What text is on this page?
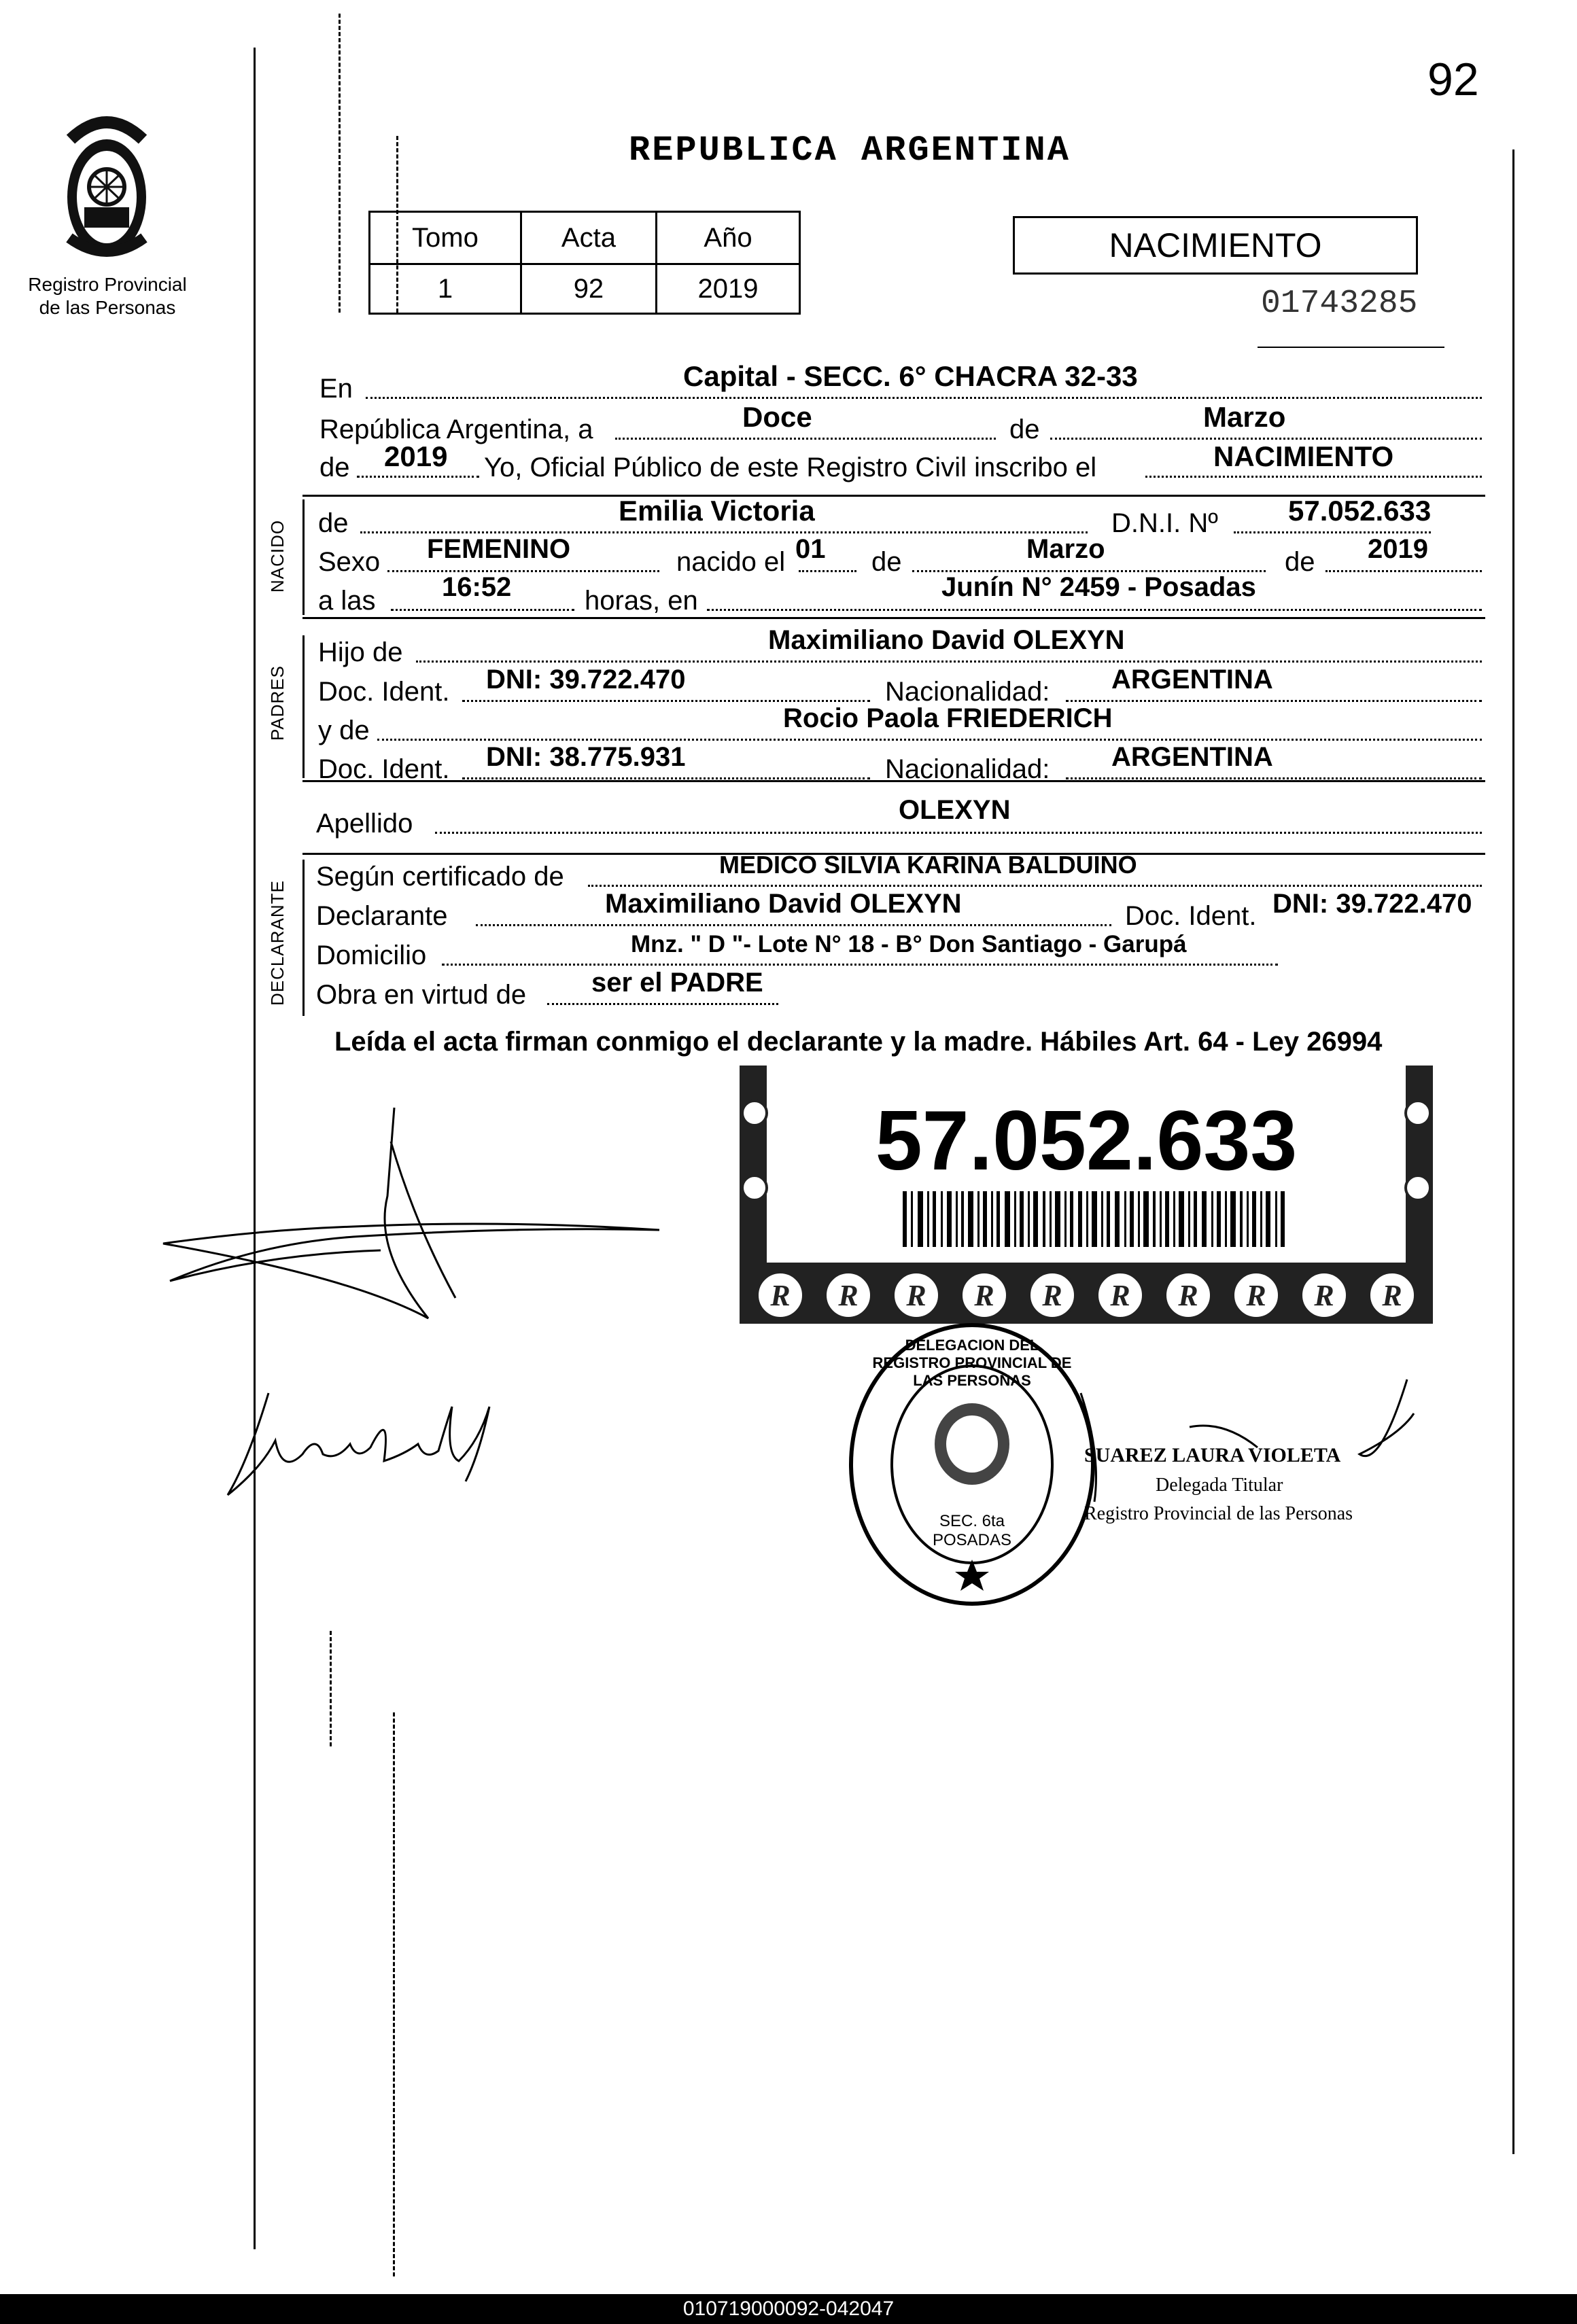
92
Registro Provincial
de las Personas
REPUBLICA ARGENTINA
Tomo	Acta	Año
1	92	2019
NACIMIENTO
01743285
NACIDO
PADRES
DECLARANTE
En	Capital - SECC. 6° CHACRA 32-33
República Argentina, a	Doce	de	Marzo
de 2019 Yo, Oficial Público de este Registro Civil inscribo el	NACIMIENTO
de	Emilia Victoria	D.N.I. Nº 57.052.633
Sexo FEMENINO	nacido el 01 de	Marzo	de 2019
a las 16:52	horas, en	Junín N° 2459 - Posadas
Hijo de	Maximiliano David OLEXYN
Doc. Ident. DNI: 39.722.470	Nacionalidad: ARGENTINA
y de	Rocio Paola FRIEDERICH
Doc. Ident. DNI: 38.775.931	Nacionalidad: ARGENTINA
Apellido	OLEXYN
Según certificado de	MEDICO SILVIA KARINA BALDUINO
Declarante	Maximiliano David OLEXYN	Doc. Ident. DNI: 39.722.470
Domicilio	Mnz. " D "- Lote N° 18 - B° Don Santiago - Garupá
Obra en virtud de ser el PADRE
Leída el acta firman conmigo el declarante y la madre. Hábiles Art. 64 - Ley 26994
R R R R R R R R R R
57.052.633
DELEGACION DEL REGISTRO PROVINCIAL DE LAS PERSONAS
SEC. 6ta POSADAS
SUAREZ LAURA VIOLETA
Delegada Titular
Registro Provincial de las Personas
010719000092-042047
